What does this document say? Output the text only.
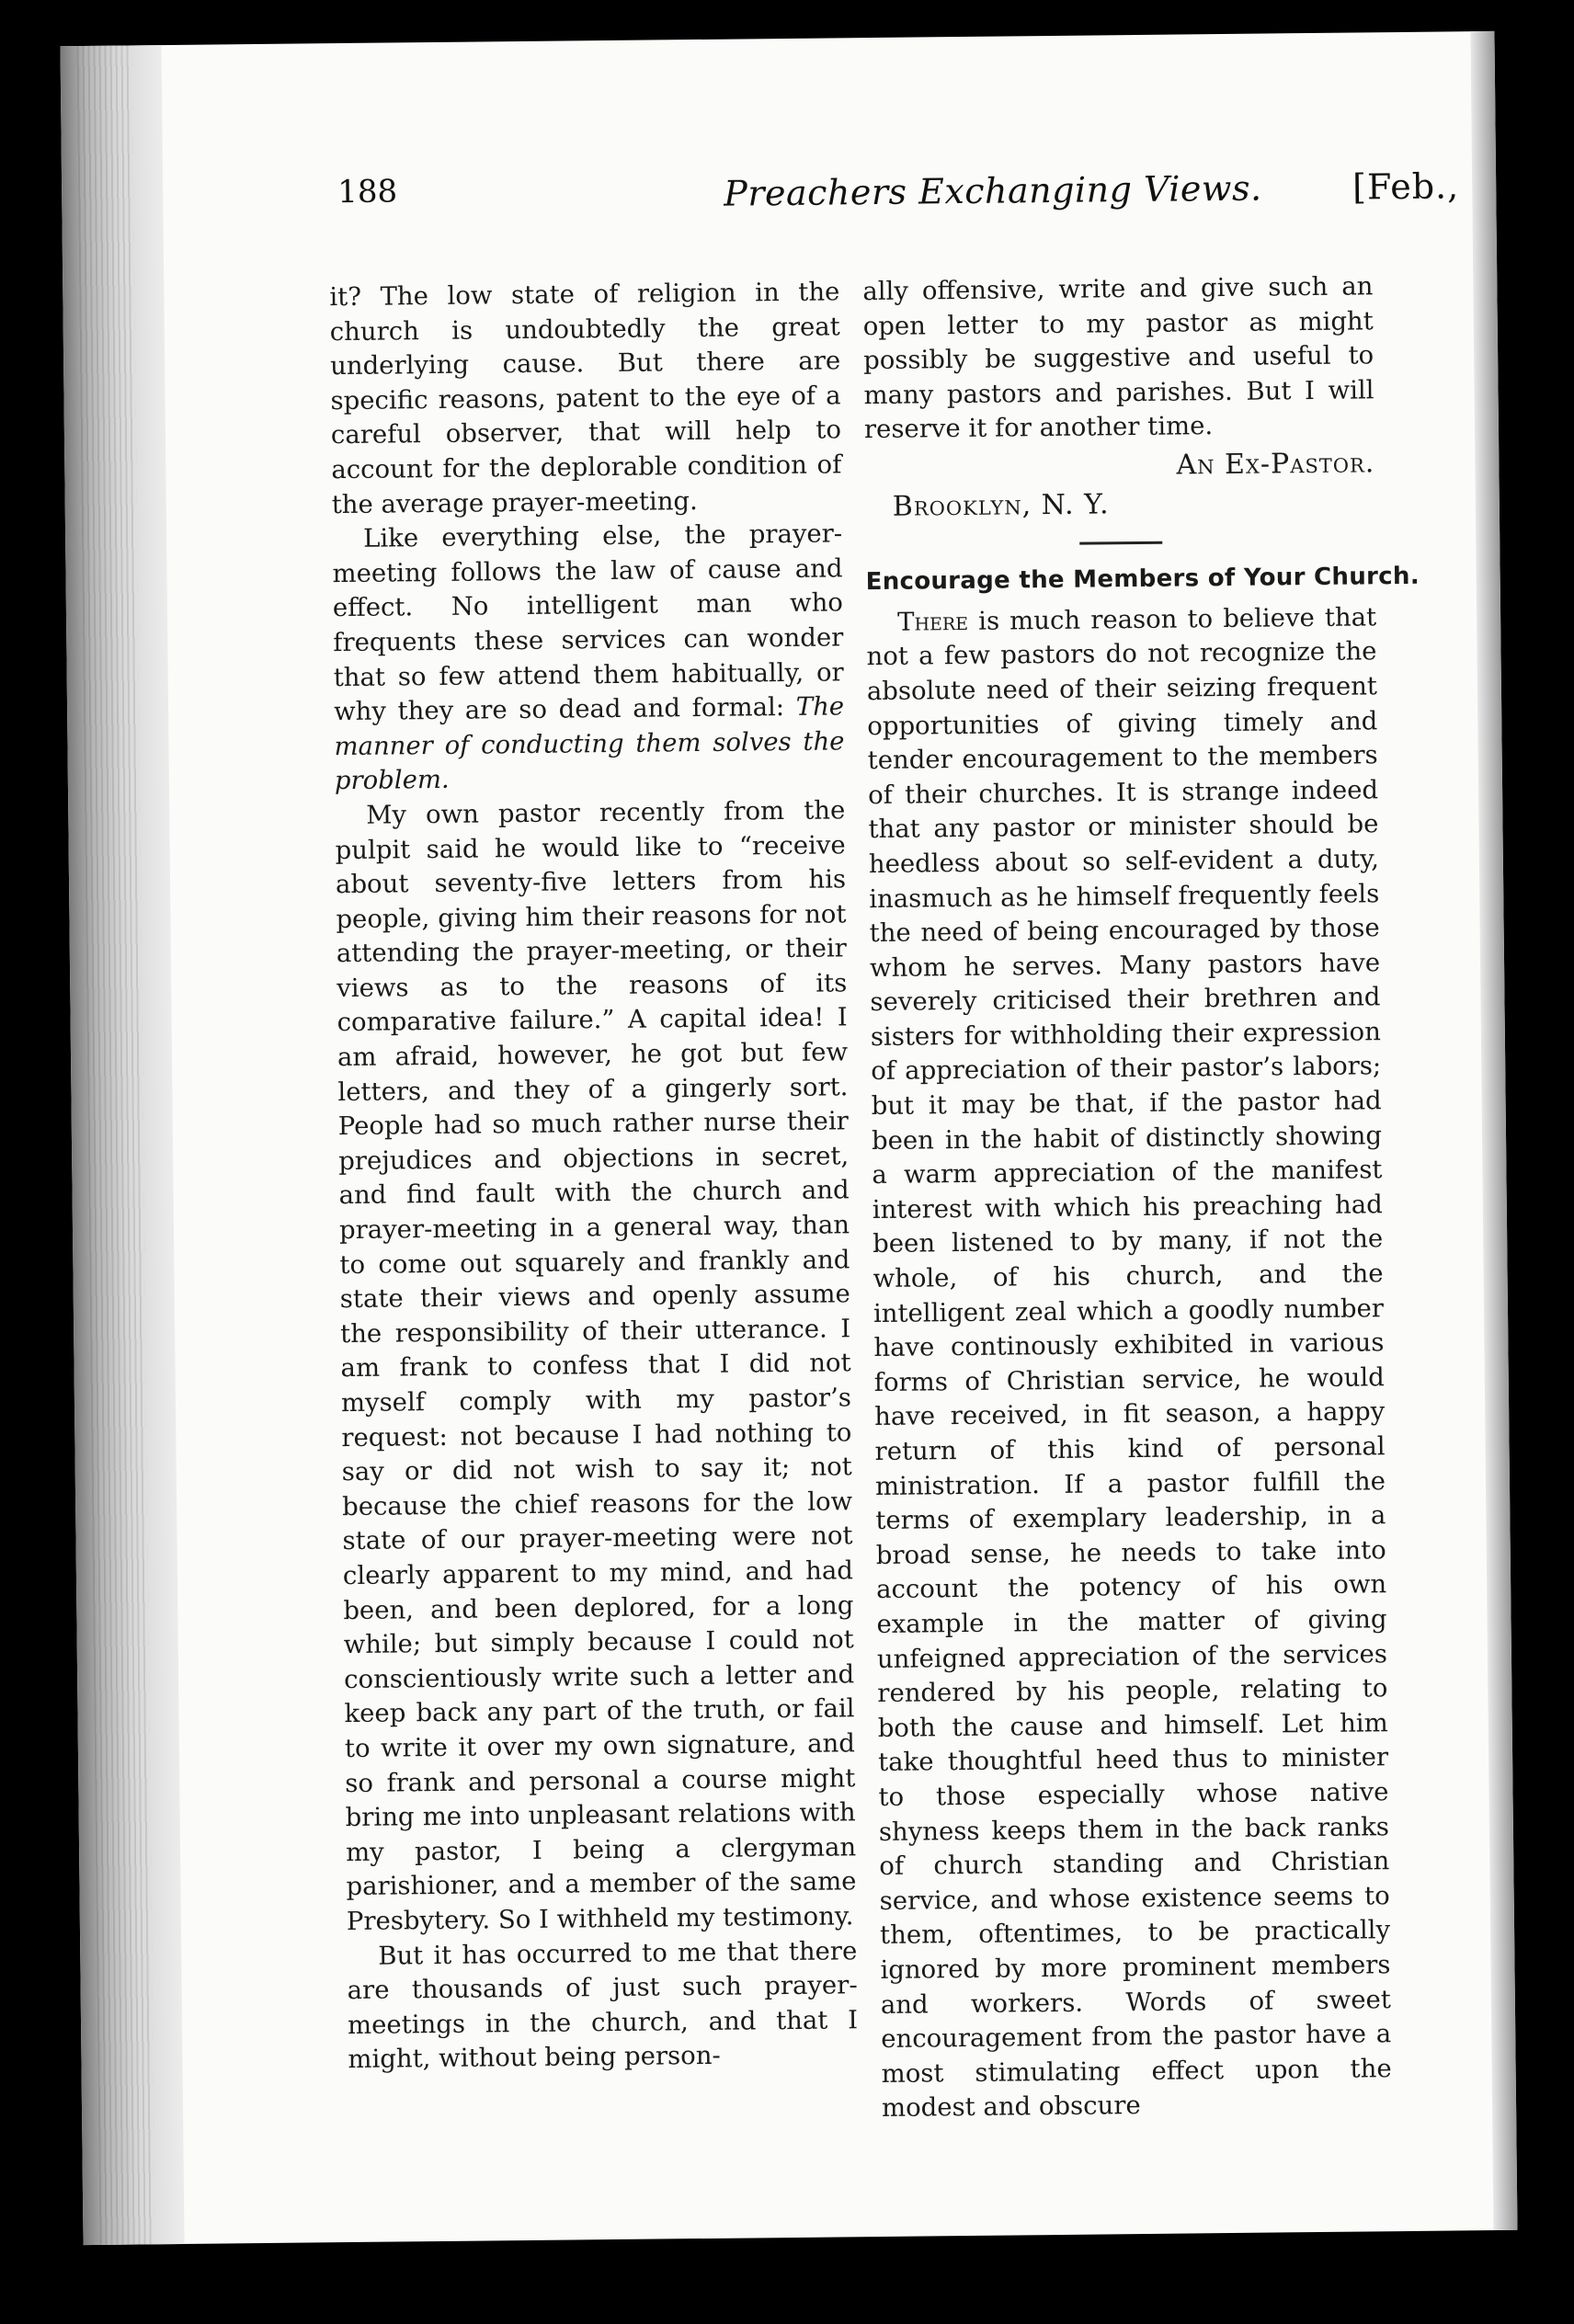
188	Preachers Exchanging Views.	[Feb.,

it? The low state of religion in the church is undoubtedly the great underlying cause. But there are specific reasons, patent to the eye of a careful observer, that will help to account for the deplorable condition of the average prayer-meeting.

Like everything else, the prayer-meeting follows the law of cause and effect. No intelligent man who frequents these services can wonder that so few attend them habitually, or why they are so dead and formal: The manner of conducting them solves the problem.

My own pastor recently from the pulpit said he would like to “receive about seventy-five letters from his people, giving him their reasons for not attending the prayer-meeting, or their views as to the reasons of its comparative failure.” A capital idea! I am afraid, however, he got but few letters, and they of a gingerly sort. People had so much rather nurse their prejudices and objections in secret, and find fault with the church and prayer-meeting in a general way, than to come out squarely and frankly and state their views and openly assume the responsibility of their utterance. I am frank to confess that I did not myself comply with my pastor’s request: not because I had nothing to say or did not wish to say it; not because the chief reasons for the low state of our prayer-meeting were not clearly apparent to my mind, and had been, and been deplored, for a long while; but simply because I could not conscientiously write such a letter and keep back any part of the truth, or fail to write it over my own signature, and so frank and personal a course might bring me into unpleasant relations with my pastor, I being a clergyman parishioner, and a member of the same Presbytery. So I withheld my testimony.

But it has occurred to me that there are thousands of just such prayer-meetings in the church, and that I might, without being person-

ally offensive, write and give such an open letter to my pastor as might possibly be suggestive and useful to many pastors and parishes. But I will reserve it for another time.

An Ex-Pastor.

Brooklyn, N. Y.

Encourage the Members of Your Church.

There is much reason to believe that not a few pastors do not recognize the absolute need of their seizing frequent opportunities of giving timely and tender encouragement to the members of their churches. It is strange indeed that any pastor or minister should be heedless about so self-evident a duty, inasmuch as he himself frequently feels the need of being encouraged by those whom he serves. Many pastors have severely criticised their brethren and sisters for withholding their expression of appreciation of their pastor’s labors; but it may be that, if the pastor had been in the habit of distinctly showing a warm appreciation of the manifest interest with which his preaching had been listened to by many, if not the whole, of his church, and the intelligent zeal which a goodly number have continously exhibited in various forms of Christian service, he would have received, in fit season, a happy return of this kind of personal ministration. If a pastor fulfill the terms of exemplary leadership, in a broad sense, he needs to take into account the potency of his own example in the matter of giving unfeigned appreciation of the services rendered by his people, relating to both the cause and himself. Let him take thoughtful heed thus to minister to those especially whose native shyness keeps them in the back ranks of church standing and Christian service, and whose existence seems to them, oftentimes, to be practically ignored by more prominent members and workers. Words of sweet encouragement from the pastor have a most stimulating effect upon the modest and obscure
